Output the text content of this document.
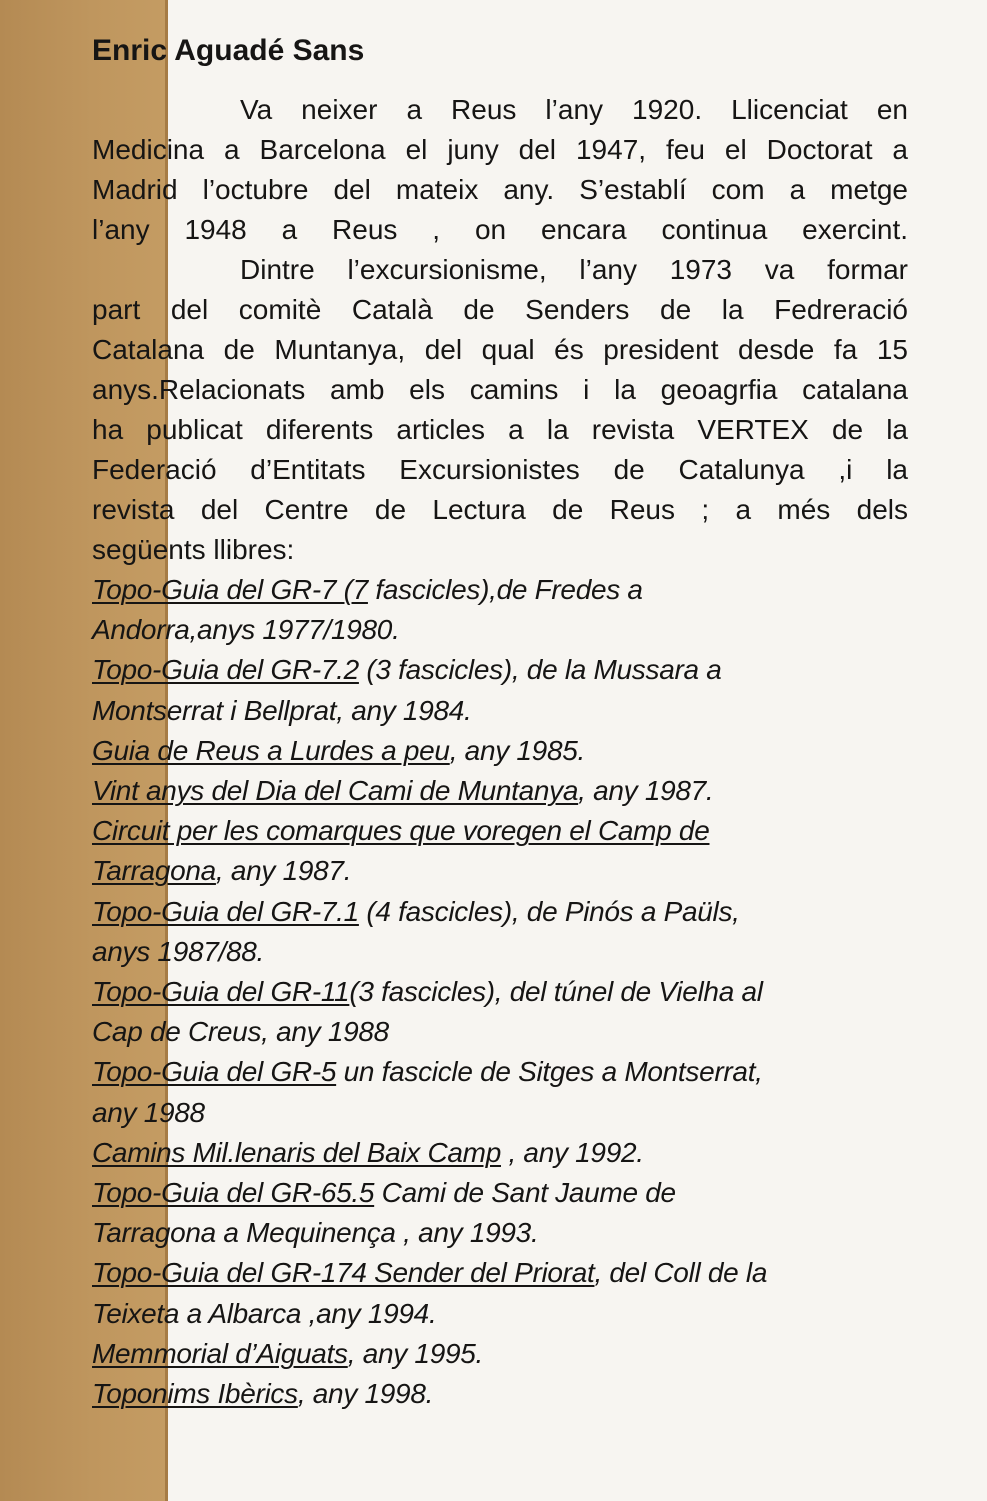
Enric Aguadé Sans
Va neixer a Reus l’any 1920. Llicenciat en
Medicina a Barcelona el juny del 1947, feu el Doctorat a
Madrid l’octubre del mateix any. S’establí com a metge
l’any 1948 a Reus , on encara continua exercint.
Dintre l’excursionisme, l’any 1973 va formar
part del comitè Català de Senders de la Fedreració
Catalana de Muntanya, del qual és president desde fa 15
anys.Relacionats amb els camins i la geoagrfia catalana
ha publicat diferents articles a la revista VERTEX de la
Federació d’Entitats Excursionistes de Catalunya ,i la
revista del Centre de Lectura de Reus ; a més dels
següents llibres:
Topo-Guia del GR-7 (7 fascicles),de Fredes a
Andorra,anys 1977/1980.
Topo-Guia del GR-7.2 (3 fascicles), de la Mussara a
Montserrat i Bellprat, any 1984.
Guia de Reus a Lurdes a peu, any 1985.
Vint anys del Dia del Cami de Muntanya, any 1987.
Circuit per les comarques que voregen el Camp de
Tarragona, any 1987.
Topo-Guia del GR-7.1 (4 fascicles), de Pinós a Paüls,
anys 1987/88.
Topo-Guia del GR-11(3 fascicles), del túnel de Vielha al
Cap de Creus, any 1988
Topo-Guia del GR-5 un fascicle de Sitges a Montserrat,
any 1988
Camins Mil.lenaris del Baix Camp , any 1992.
Topo-Guia del GR-65.5 Cami de Sant Jaume de
Tarragona a Mequinença , any 1993.
Topo-Guia del GR-174 Sender del Priorat, del Coll de la
Teixeta a Albarca ,any 1994.
Memmorial d’Aiguats, any 1995.
Toponims Ibèrics, any 1998.
